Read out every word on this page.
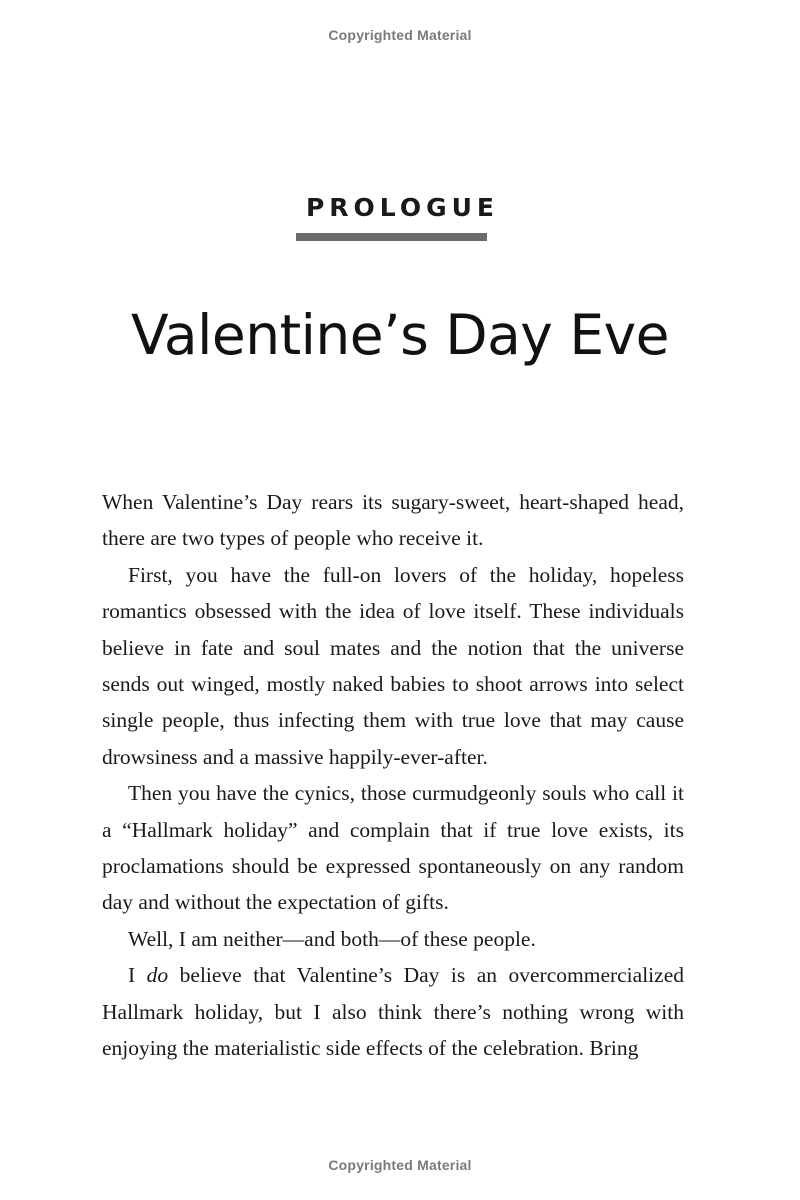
Copyrighted Material
PROLOGUE
Valentine’s Day Eve

When Valentine’s Day rears its sugary-sweet, heart-shaped head, there are two types of people who receive it.

First, you have the full-on lovers of the holiday, hopeless romantics obsessed with the idea of love itself. These individuals believe in fate and soul mates and the notion that the universe sends out winged, mostly naked babies to shoot arrows into select single people, thus infecting them with true love that may cause drowsiness and a massive happily-ever-after.

Then you have the cynics, those curmudgeonly souls who call it a “Hallmark holiday” and complain that if true love exists, its proclamations should be expressed spontaneously on any random day and without the expectation of gifts.

Well, I am neither—and both—of these people.

I do believe that Valentine’s Day is an overcommercialized Hallmark holiday, but I also think there’s nothing wrong with enjoying the materialistic side effects of the celebration. Bring

Copyrighted Material
